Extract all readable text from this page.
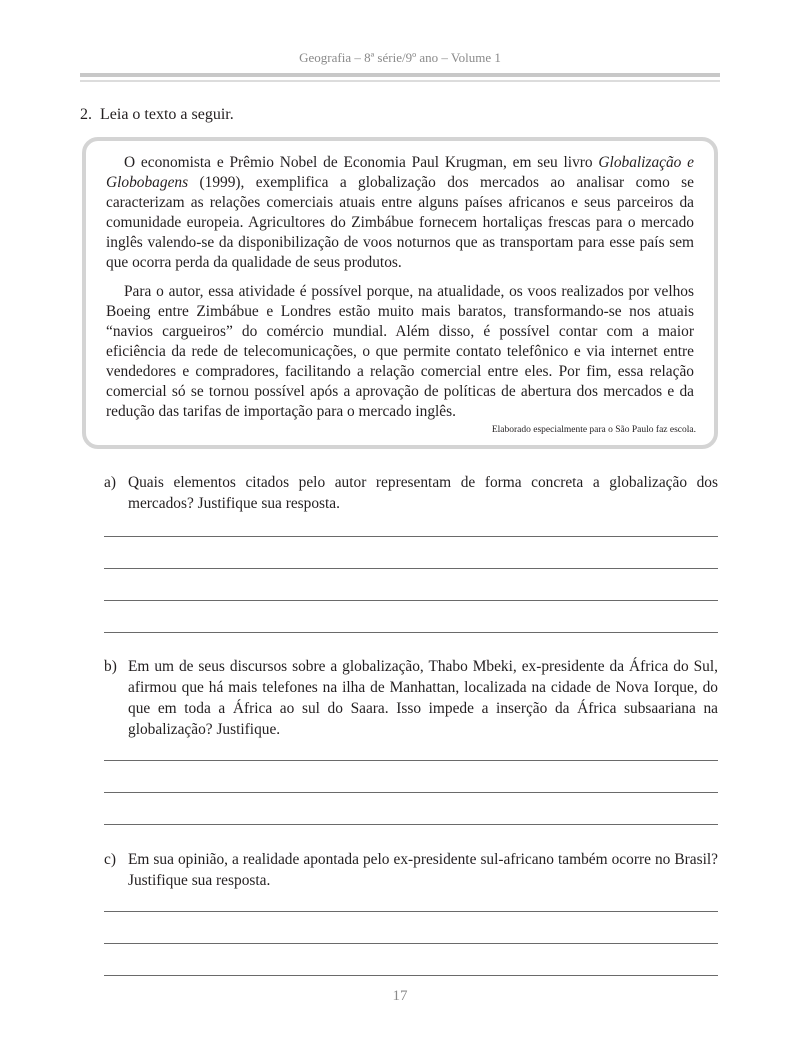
Geografia – 8ª série/9º ano – Volume 1
2. Leia o texto a seguir.

O economista e Prêmio Nobel de Economia Paul Krugman, em seu livro Globalização e Globobagens (1999), exemplifica a globalização dos mercados ao analisar como se caracterizam as relações comerciais atuais entre alguns países africanos e seus parceiros da comunidade europeia. Agricultores do Zimbábue fornecem hortaliças frescas para o mercado inglês valendo-se da disponibilização de voos noturnos que as transportam para esse país sem que ocorra perda da qualidade de seus produtos.

Para o autor, essa atividade é possível porque, na atualidade, os voos realizados por velhos Boeing entre Zimbábue e Londres estão muito mais baratos, transformando-se nos atuais “navios cargueiros” do comércio mundial. Além disso, é possível contar com a maior eficiência da rede de telecomunicações, o que permite contato telefônico e via internet entre vendedores e compradores, facilitando a relação comercial entre eles. Por fim, essa relação comercial só se tornou possível após a aprovação de políticas de abertura dos mercados e da redução das tarifas de importação para o mercado inglês.

Elaborado especialmente para o São Paulo faz escola.
a) Quais elementos citados pelo autor representam de forma concreta a globalização dos mercados? Justifique sua resposta.
b) Em um de seus discursos sobre a globalização, Thabo Mbeki, ex-presidente da África do Sul, afirmou que há mais telefones na ilha de Manhattan, localizada na cidade de Nova Iorque, do que em toda a África ao sul do Saara. Isso impede a inserção da África subsaariana na globalização? Justifique.
c) Em sua opinião, a realidade apontada pelo ex-presidente sul-africano também ocorre no Brasil? Justifique sua resposta.
17
